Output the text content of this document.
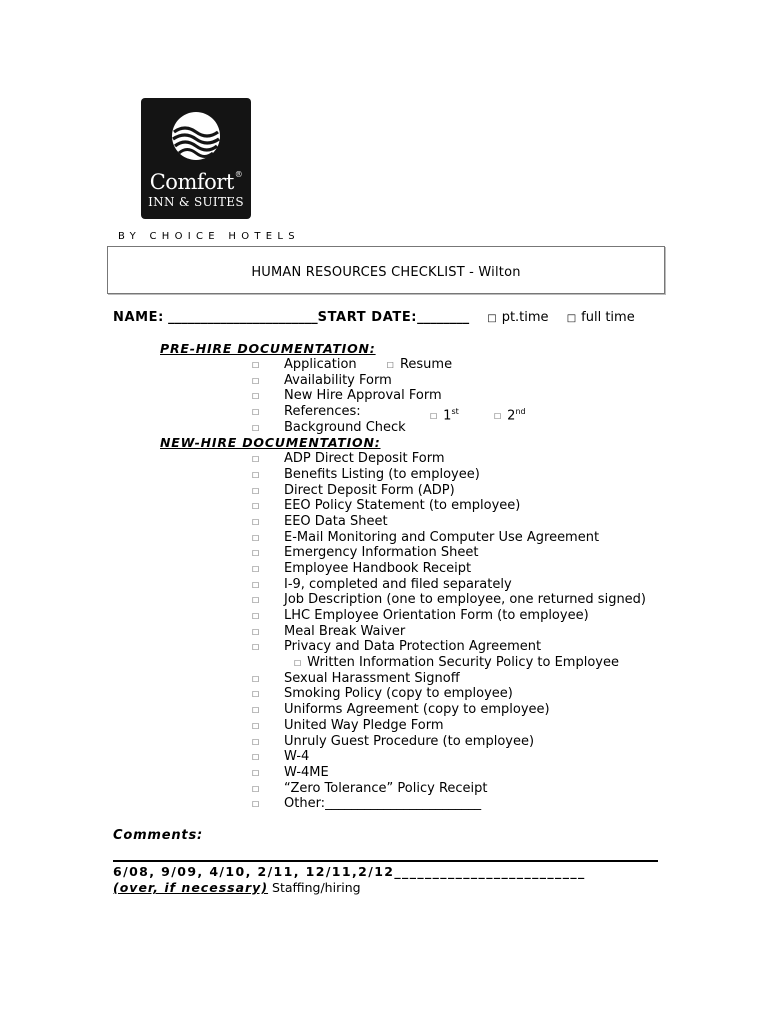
Comfort®
INN & SUITES
BY CHOICE HOTELS
HUMAN RESOURCES CHECKLIST - Wilton
NAME: _______________________START DATE:________ □ pt.time □ full time
PRE-HIRE DOCUMENTATION:
☐ Application	☐ Resume
☐ Availability Form
☐ New Hire Approval Form
☐ References:	☐ 1st
☐ 2nd
☐ Background Check
☐ ADP Direct Deposit Form
☐ Benefits Listing (to employee)
☐ Direct Deposit Form (ADP)
☐ EEO Policy Statement (to employee)
☐ EEO Data Sheet
☐ E-Mail Monitoring and Computer Use Agreement
☐ Emergency Information Sheet
☐ Employee Handbook Receipt
☐ I-9, completed and filed separately
☐ Job Description (one to employee, one returned signed)
☐ LHC Employee Orientation Form (to employee)
☐ Meal Break Waiver
☐ Privacy and Data Protection Agreement
☐ Written Information Security Policy to Employee
☐ Sexual Harassment Signoff
☐ Smoking Policy (copy to employee)
☐ Uniforms Agreement (copy to employee)
☐ United Way Pledge Form
☐ Unruly Guest Procedure (to employee)
☐ W-4
☐ W-4ME
☐ “Zero Tolerance” Policy Receipt
☐ Other:________________________
NEW-HIRE DOCUMENTATION:
Comments:
6/08, 9/09, 4/10, 2/11, 12/11,2/12_________________________
(over, if necessary) Staffing/hiring
